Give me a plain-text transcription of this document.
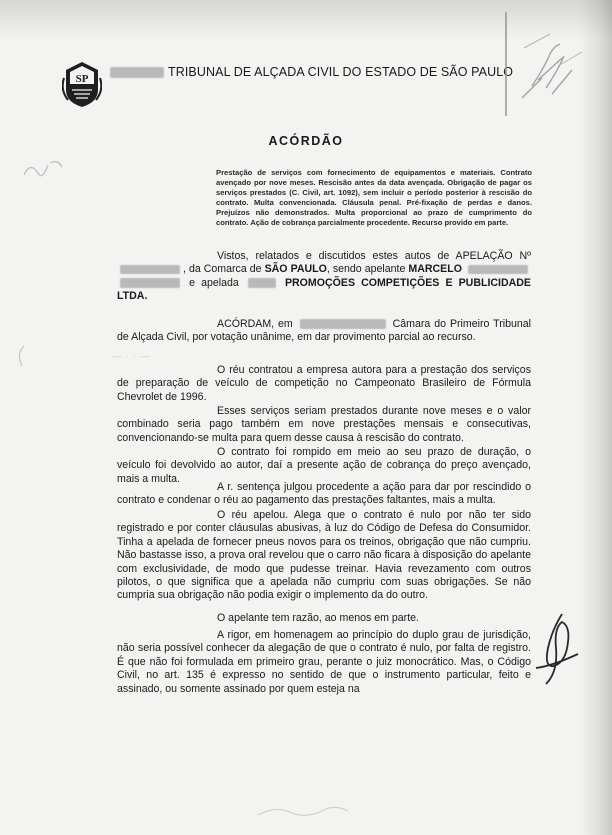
SP	TRIBUNAL DE ALÇADA CIVIL DO ESTADO DE SÃO PAULO
ACÓRDÃO
Prestação de serviços com fornecimento de equipamentos e materiais. Contrato avençado por nove meses. Rescisão antes da data avençada. Obrigação de pagar os serviços prestados (C. Civil, art. 1092), sem incluir o período posterior à rescisão do contrato. Multa convencionada. Cláusula penal. Pré-fixação de perdas e danos. Prejuízos não demonstrados. Multa proporcional ao prazo de cumprimento do contrato. Ação de cobrança parcialmente procedente. Recurso provido em parte.

Vistos, relatados e discutidos estes autos de APELAÇÃO Nº , da Comarca de SÃO PAULO, sendo apelante MARCELO   e apelada	PROMOÇÕES COMPETIÇÕES E PUBLICIDADE LTDA.

ACÓRDAM, em	Câmara do Primeiro Tribunal de Alçada Civil, por votação unânime, em dar provimento parcial ao recurso.

— · · —

O réu contratou a empresa autora para a prestação dos serviços de preparação de veículo de competição no Campeonato Brasileiro de Fórmula Chevrolet de 1996.

Esses serviços seriam prestados durante nove meses e o valor combinado seria pago também em nove prestações mensais e consecutivas, convencionando-se multa para quem desse causa à rescisão do contrato.

O contrato foi rompido em meio ao seu prazo de duração, o veículo foi devolvido ao autor, daí a presente ação de cobrança do preço avençado, mais a multa.

A r. sentença julgou procedente a ação para dar por rescindido o contrato e condenar o réu ao pagamento das prestações faltantes, mais a multa.

O réu apelou. Alega que o contrato é nulo por não ter sido registrado e por conter cláusulas abusivas, à luz do Código de Defesa do Consumidor. Tinha a apelada de fornecer pneus novos para os treinos, obrigação que não cumpriu. Não bastasse isso, a prova oral revelou que o carro não ficara à disposição do apelante com exclusividade, de modo que pudesse treinar. Havia revezamento com outros pilotos, o que significa que a apelada não cumpriu com suas obrigações. Se não cumpria sua obrigação não podia exigir o implemento da do outro.

O apelante tem razão, ao menos em parte.

A rigor, em homenagem ao princípio do duplo grau de jurisdição, não seria possível conhecer da alegação de que o contrato é nulo, por falta de registro. É que não foi formulada em primeiro grau, perante o juiz monocrático. Mas, o Código Civil, no art. 135 é expresso no sentido de que o instrumento particular, feito e assinado, ou somente assinado por quem esteja na
